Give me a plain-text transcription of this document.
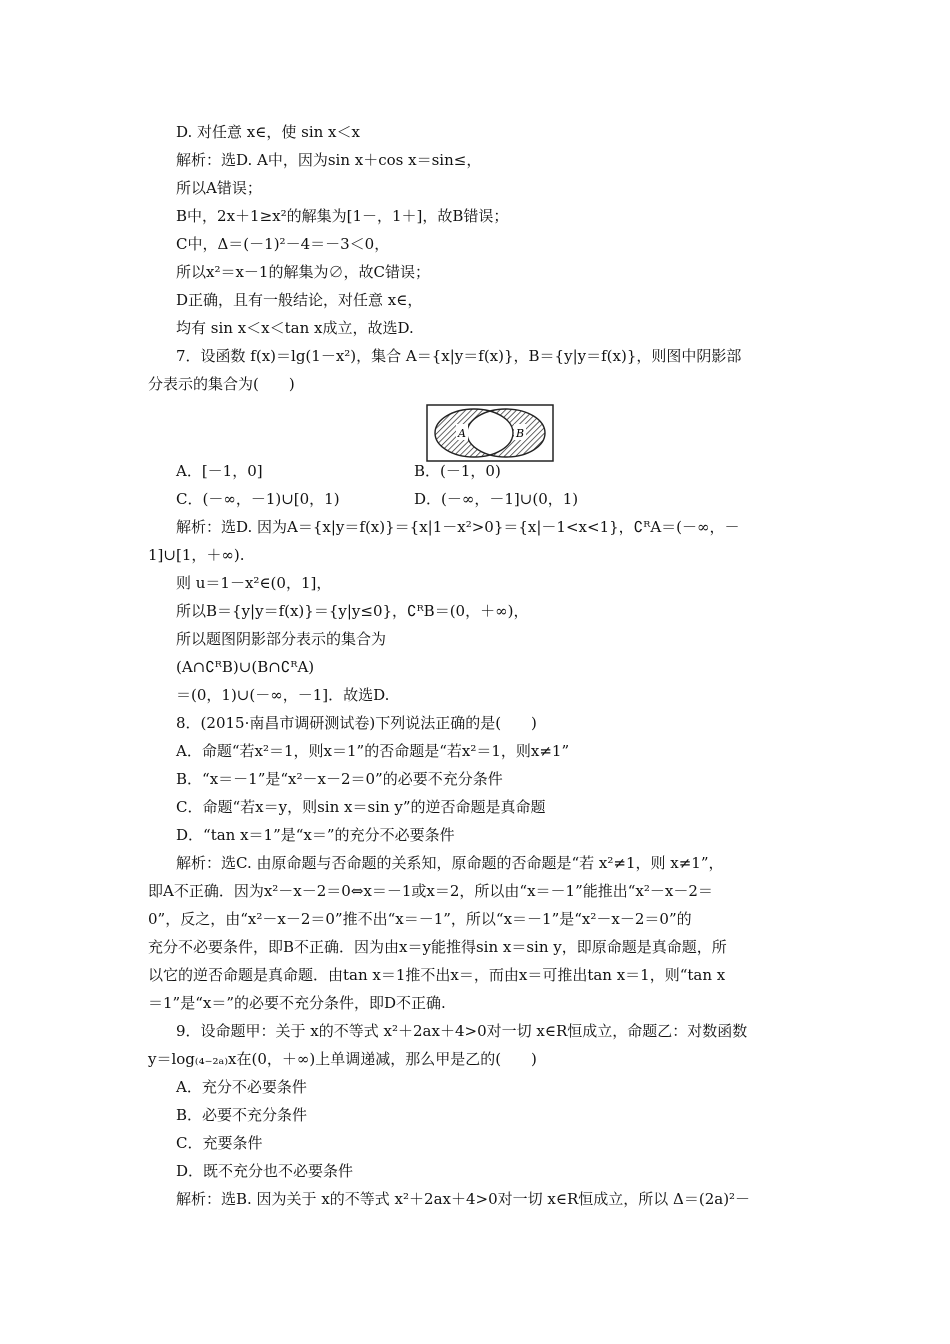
D. 对任意 x∈，使 sin x＜x
解析：选D. A中，因为sin x＋cos x＝sin≤，
所以A错误；
B中，2x＋1≥x²的解集为[1－，1＋]，故B错误；
C中，Δ＝(－1)²－4＝－3＜0，
所以x²＝x－1的解集为∅，故C错误；
D正确，且有一般结论，对任意 x∈，
均有 sin x＜x＜tan x成立，故选D.
7．设函数 f(x)＝lg(1－x²)，集合 A＝{x|y＝f(x)}，B＝{y|y＝f(x)}，则图中阴影部
分表示的集合为(　　)
A	B
A．[－1，0]	B．(－1，0)
C．(－∞，－1)∪[0，1)	D．(－∞，－1]∪(0，1)
解析：选D. 因为A＝{x|y＝f(x)}＝{x|1－x²>0}＝{x|－1<x<1}，∁ᴿA＝(－∞，－
1]∪[1，＋∞).
则 u＝1－x²∈(0，1]，
所以B＝{y|y＝f(x)}＝{y|y≤0}，∁ᴿB＝(0，＋∞)，
所以题图阴影部分表示的集合为
(A∩∁ᴿB)∪(B∩∁ᴿA)
＝(0，1)∪(－∞，－1]．故选D.
8．(2015·南昌市调研测试卷)下列说法正确的是(　　)
A．命题“若x²＝1，则x＝1”的否命题是“若x²＝1，则x≠1”
B．“x＝－1”是“x²－x－2＝0”的必要不充分条件
C．命题“若x＝y，则sin x＝sin y”的逆否命题是真命题
D．“tan x＝1”是“x＝”的充分不必要条件
解析：选C. 由原命题与否命题的关系知，原命题的否命题是“若 x²≠1，则 x≠1”，
即A不正确．因为x²－x－2＝0⇔x＝－1或x＝2，所以由“x＝－1”能推出“x²－x－2＝
0”，反之，由“x²－x－2＝0”推不出“x＝－1”，所以“x＝－1”是“x²－x－2＝0”的
充分不必要条件，即B不正确．因为由x＝y能推得sin x＝sin y，即原命题是真命题，所
以它的逆否命题是真命题．由tan x＝1推不出x＝，而由x＝可推出tan x＝1，则“tan x
＝1”是“x＝”的必要不充分条件，即D不正确.
9．设命题甲：关于 x的不等式 x²＋2ax＋4>0对一切 x∈R恒成立，命题乙：对数函数
y＝log₍₄₋₂ₐ₎x在(0，＋∞)上单调递减，那么甲是乙的(　　)
A．充分不必要条件
B．必要不充分条件
C．充要条件
D．既不充分也不必要条件
解析：选B. 因为关于 x的不等式 x²＋2ax＋4>0对一切 x∈R恒成立，所以 Δ＝(2a)²－
